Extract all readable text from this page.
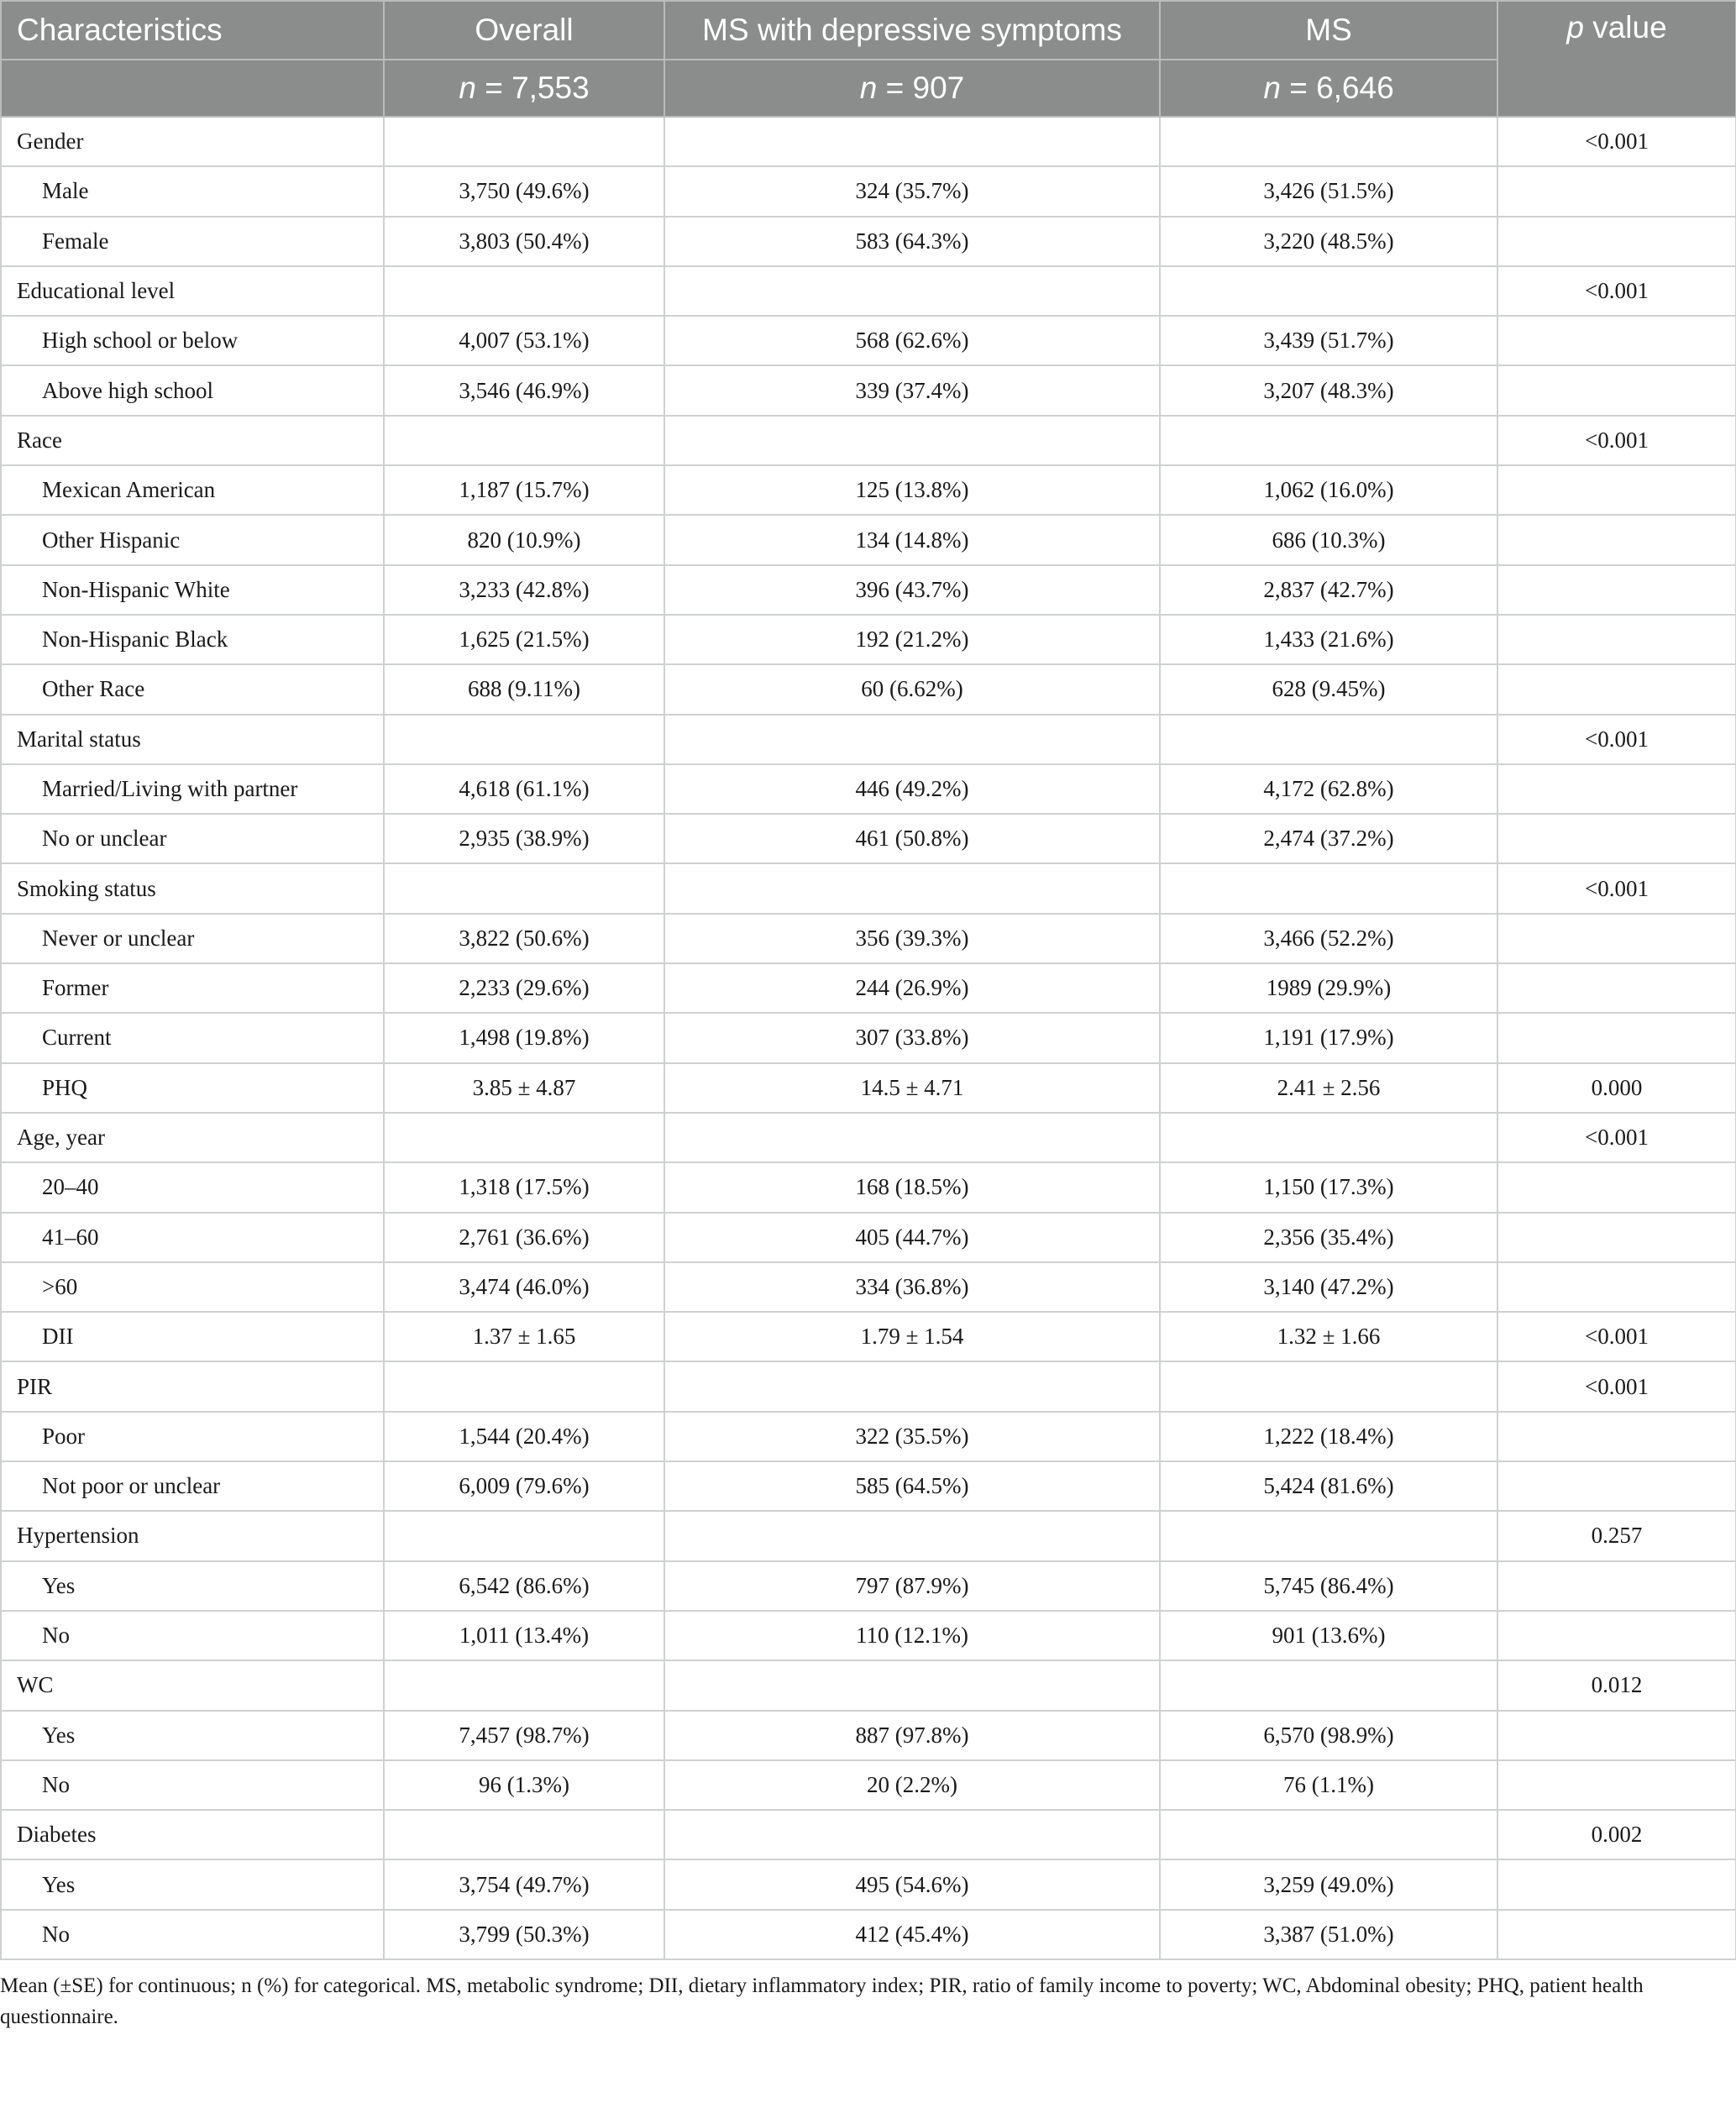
Characteristics	Overall	MS with depressive symptoms	MS	p value
	n = 7,553	n = 907	n = 6,646	
Gender				<0.001
Male	3,750 (49.6%)	324 (35.7%)	3,426 (51.5%)	
Female	3,803 (50.4%)	583 (64.3%)	3,220 (48.5%)	
Educational level				<0.001
High school or below	4,007 (53.1%)	568 (62.6%)	3,439 (51.7%)	
Above high school	3,546 (46.9%)	339 (37.4%)	3,207 (48.3%)	
Race				<0.001
Mexican American	1,187 (15.7%)	125 (13.8%)	1,062 (16.0%)	
Other Hispanic	820 (10.9%)	134 (14.8%)	686 (10.3%)	
Non-Hispanic White	3,233 (42.8%)	396 (43.7%)	2,837 (42.7%)	
Non-Hispanic Black	1,625 (21.5%)	192 (21.2%)	1,433 (21.6%)	
Other Race	688 (9.11%)	60 (6.62%)	628 (9.45%)	
Marital status				<0.001
Married/Living with partner	4,618 (61.1%)	446 (49.2%)	4,172 (62.8%)	
No or unclear	2,935 (38.9%)	461 (50.8%)	2,474 (37.2%)	
Smoking status				<0.001
Never or unclear	3,822 (50.6%)	356 (39.3%)	3,466 (52.2%)	
Former	2,233 (29.6%)	244 (26.9%)	1989 (29.9%)	
Current	1,498 (19.8%)	307 (33.8%)	1,191 (17.9%)	
PHQ	3.85 ± 4.87	14.5 ± 4.71	2.41 ± 2.56	0.000
Age, year				<0.001
20–40	1,318 (17.5%)	168 (18.5%)	1,150 (17.3%)	
41–60	2,761 (36.6%)	405 (44.7%)	2,356 (35.4%)	
>60	3,474 (46.0%)	334 (36.8%)	3,140 (47.2%)	
DII	1.37 ± 1.65	1.79 ± 1.54	1.32 ± 1.66	<0.001
PIR				<0.001
Poor	1,544 (20.4%)	322 (35.5%)	1,222 (18.4%)	
Not poor or unclear	6,009 (79.6%)	585 (64.5%)	5,424 (81.6%)	
Hypertension				0.257
Yes	6,542 (86.6%)	797 (87.9%)	5,745 (86.4%)	
No	1,011 (13.4%)	110 (12.1%)	901 (13.6%)	
WC				0.012
Yes	7,457 (98.7%)	887 (97.8%)	6,570 (98.9%)	
No	96 (1.3%)	20 (2.2%)	76 (1.1%)	
Diabetes				0.002
Yes	3,754 (49.7%)	495 (54.6%)	3,259 (49.0%)	
No	3,799 (50.3%)	412 (45.4%)	3,387 (51.0%)	

Mean (±SE) for continuous; n (%) for categorical. MS, metabolic syndrome; DII, dietary inflammatory index; PIR, ratio of family income to poverty; WC, Abdominal obesity; PHQ, patient health questionnaire.
